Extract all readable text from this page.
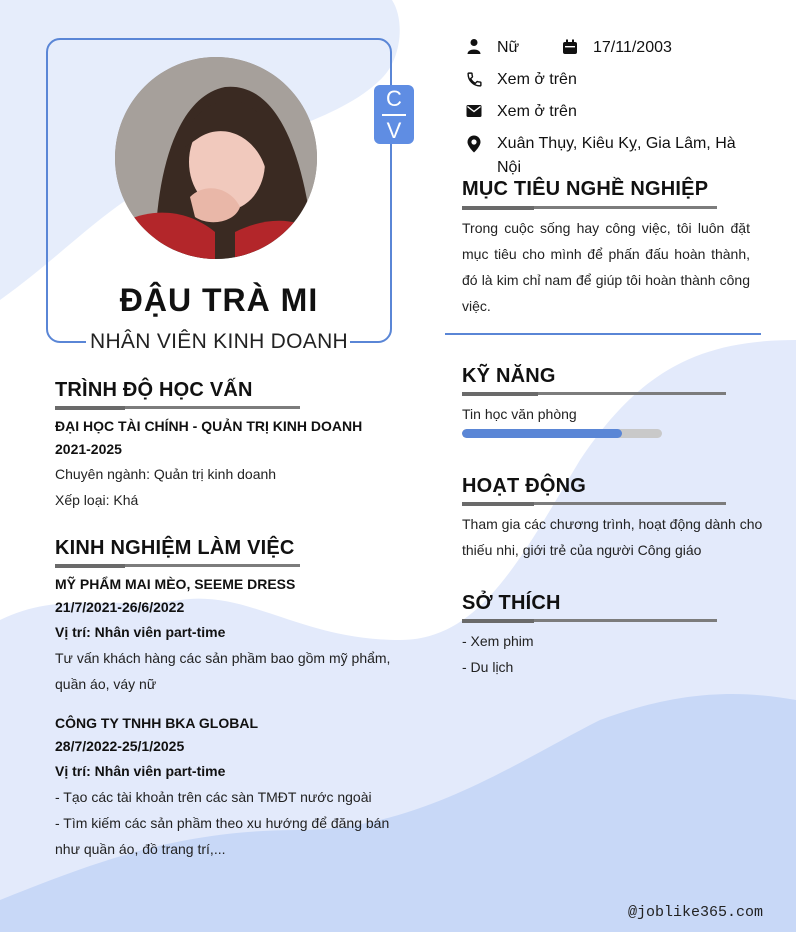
C
V
ĐẬU TRÀ MI
NHÂN VIÊN KINH DOANH
Nữ	17/11/2003
Xem ở trên
Xem ở trên
Xuân Thụy, Kiêu Kỵ, Gia Lâm, Hà
Nội
MỤC TIÊU NGHỀ NGHIỆP
Trong cuộc sống hay công việc, tôi luôn đặt
mục tiêu cho mình để phấn đấu hoàn thành,
đó là kim chỉ nam để giúp tôi hoàn thành công
việc.
KỸ NĂNG
Tin học văn phòng
HOẠT ĐỘNG
Tham gia các chương trình, hoạt động dành cho
thiếu nhi, giới trẻ của người Công giáo
SỞ THÍCH
- Xem phim
- Du lịch
TRÌNH ĐỘ HỌC VẤN
ĐẠI HỌC TÀI CHÍNH - QUẢN TRỊ KINH DOANH
2021-2025
Chuyên ngành: Quản trị kinh doanh
Xếp loại: Khá
KINH NGHIỆM LÀM VIỆC
MỸ PHẨM MAI MÈO, SEEME DRESS
21/7/2021-26/6/2022
Vị trí: Nhân viên part-time
Tư vấn khách hàng các sản phầm bao gồm mỹ phẩm,
quần áo, váy nữ
CÔNG TY TNHH BKA GLOBAL
28/7/2022-25/1/2025
Vị trí: Nhân viên part-time
- Tạo các tài khoản trên các sàn TMĐT nước ngoài
- Tìm kiếm các sản phầm theo xu hướng để đăng bán
như quần áo, đồ trang trí,...
@joblike365.com
